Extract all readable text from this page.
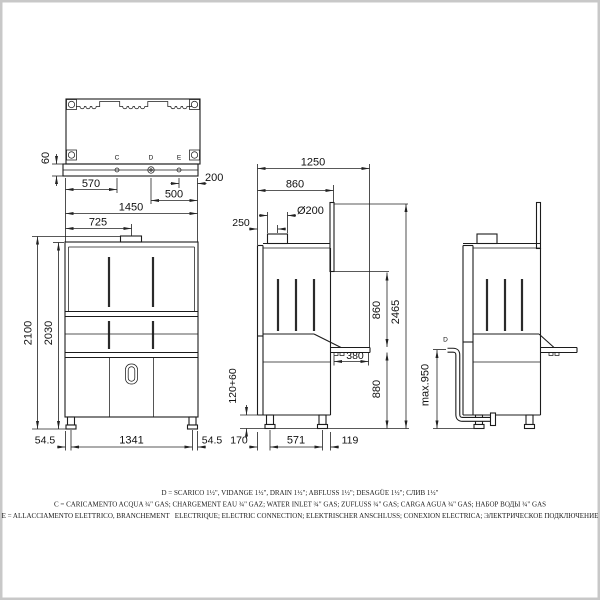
C	D	E
60
570	200
500
1450
725
2100 2030
54.5	1341	54.5
1250
860
Ø200
250
2465
860
880
120+60
380
170	571	119
D
max.950
D = SCARICO 1½", VIDANGE 1½", DRAIN 1½"; ABFLUSS 1½"; DESAGÜE 1½"; СЛИВ 1½"
C = CARICAMENTO ACQUA ¾" GAS; CHARGEMENT EAU ¾" GAZ; WATER INLET ¾" GAS; ZUFLUSS ¾" GAS; CARGA AGUA ¾" GAS; НАБОР ВОДЫ ¾" GAS
E = ALLACCIAMENTO ELETTRICO, BRANCHEMENT   ELECTRIQUE; ELECTRIC CONNECTION; ELEKTRISCHER ANSCHLUSS; CONEXION ELECTRICA; ЭЛЕКТРИЧЕСКОЕ ПОДКЛЮЧЕНИЕ
